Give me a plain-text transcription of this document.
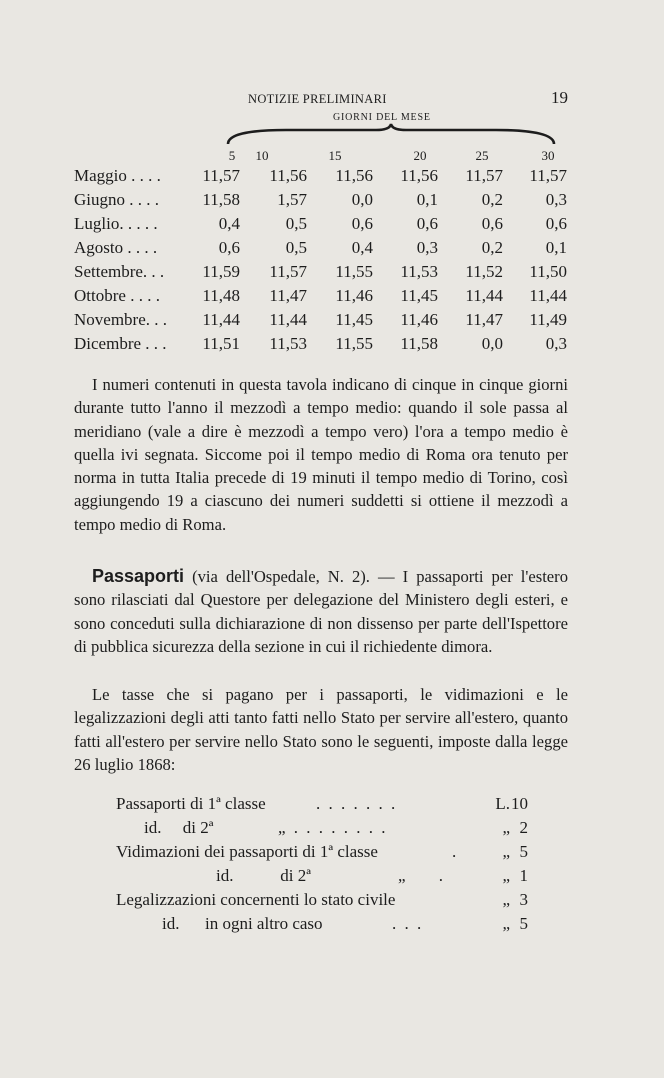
NOTIZIE PRELIMINARI	19
GIORNI DEL MESE
5	10	15	20	25	30
Maggio . . . .	11,57	11,56	11,56	11,56	11,57	11,57
Giugno . . . .	11,58	1,57	0,0	0,1	0,2	0,3
Luglio. . . . .	0,4	0,5	0,6	0,6	0,6	0,6
Agosto . . . .	0,6	0,5	0,4	0,3	0,2	0,1
Settembre. . .	11,59	11,57	11,55	11,53	11,52	11,50
Ottobre . . . .	11,48	11,47	11,46	11,45	11,44	11,44
Novembre. . .	11,44	11,44	11,45	11,46	11,47	11,49
Dicembre . . .	11,51	11,53	11,55	11,58	0,0	0,3

I numeri contenuti in questa tavola indicano di cinque in cinque giorni durante tutto l'anno il mezzodì a tempo medio: quando il sole passa al meridiano (vale a dire è mezzodì a tempo vero) l'ora a tempo medio è quella ivi segnata. Siccome poi il tempo medio di Roma ora tenuto per norma in tutta Italia precede di 19 minuti il tempo medio di Torino, così aggiungendo 19 a ciascuno dei numeri suddetti si ottiene il mezzodì a tempo medio di Roma.

Passaporti (via dell'Ospedale, N. 2). — I passaporti per l'estero sono rilasciati dal Questore per delegazione del Ministero degli esteri, e sono conceduti sulla dichiarazione di non dissenso per parte dell'Ispettore di pubblica sicurezza della sezione in cui il richiedente dimora.

Le tasse che si pagano per i passaporti, le vidimazioni e le legalizzazioni degli atti tanto fatti nello Stato per servire all'estero, quanto fatti all'estero per servire nello Stato sono le seguenti, imposte dalla legge 26 luglio 1868:

Passaporti di 1ª classe	. . . . . . .	L. 10
id.     di 2ª	„ . . . . . . . .	„ 2
Vidimazioni dei passaporti di 1ª classe	.	„ 5
id.           di 2ª	„     .	„ 1
Legalizzazioni concernenti lo stato civile	„ 3
id.      in ogni altro caso	. . .	„ 5
